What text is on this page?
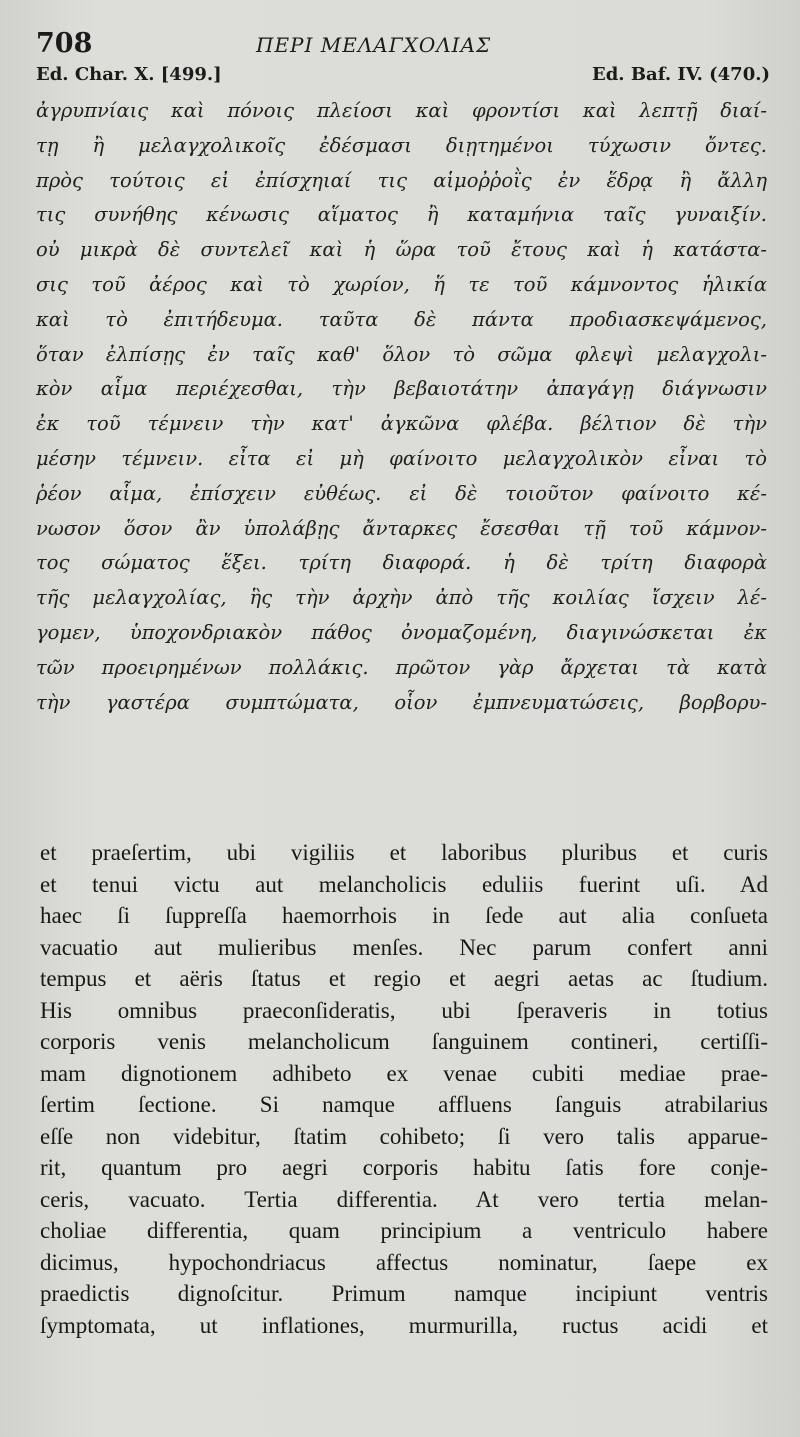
708	ΠΕΡΙ ΜΕΛΑΓΧΟΛΙΑΣ
Ed. Char. X. [499.]	Ed. Baf. IV. (470.)
ἀγρυπνίαις καὶ πόνοις πλείοσι καὶ φροντίσι καὶ λεπτῇ διαί-
τῃ ἢ μελαγχολικοῖς ἐδέσμασι διῃτημένοι τύχωσιν ὄντες.
πρὸς τούτοις εἰ ἐπίσχηιαί τις αἱμοῤῥοῒς ἐν ἕδρᾳ ἢ ἄλλη
τις συνήθης κένωσις αἵματος ἢ καταμήνια ταῖς γυναιξίν.
οὐ μικρὰ δὲ συντελεῖ καὶ ἡ ὥρα τοῦ ἔτους καὶ ἡ κατάστα-
σις τοῦ ἀέρος καὶ τὸ χωρίον, ἥ τε τοῦ κάμνοντος ἡλικία
καὶ τὸ ἐπιτήδευμα. ταῦτα δὲ πάντα προδιασκεψάμενος,
ὅταν ἐλπίσῃς ἐν ταῖς καθ' ὅλον τὸ σῶμα φλεψὶ μελαγχολι-
κὸν αἷμα περιέχεσθαι, τὴν βεβαιοτάτην ἀπαγάγῃ διάγνωσιν
ἐκ τοῦ τέμνειν τὴν κατ' ἀγκῶνα φλέβα. βέλτιον δὲ τὴν
μέσην τέμνειν. εἶτα εἰ μὴ φαίνοιτο μελαγχολικὸν εἶναι τὸ
ῥέον αἷμα, ἐπίσχειν εὐθέως. εἰ δὲ τοιοῦτον φαίνοιτο κέ-
νωσον ὅσον ἂν ὑπολάβῃς ἄνταρκες ἔσεσθαι τῇ τοῦ κάμνον-
τος σώματος ἕξει. τρίτη διαφορά. ἡ δὲ τρίτη διαφορὰ
τῆς μελαγχολίας, ἣς τὴν ἀρχὴν ἀπὸ τῆς κοιλίας ἴσχειν λέ-
γομεν, ὑποχονδριακὸν πάθος ὀνομαζομένη, διαγινώσκεται ἐκ
τῶν προειρημένων πολλάκις. πρῶτον γὰρ ἄρχεται τὰ κατὰ
τὴν γαστέρα συμπτώματα, οἷον ἐμπνευματώσεις, βορβορυ-
et praeſertim, ubi vigiliis et laboribus pluribus et curis
et tenui victu aut melancholicis eduliis fuerint uſi. Ad
haec ſi ſuppreſſa haemorrhois in ſede aut alia conſueta
vacuatio aut mulieribus menſes. Nec parum confert anni
tempus et aëris ſtatus et regio et aegri aetas ac ſtudium.
His omnibus praeconſideratis, ubi ſperaveris in totius
corporis venis melancholicum ſanguinem contineri, certiſſi-
mam dignotionem adhibeto ex venae cubiti mediae prae-
ſertim ſectione. Si namque affluens ſanguis atrabilarius
eſſe non videbitur, ſtatim cohibeto; ſi vero talis apparue-
rit, quantum pro aegri corporis habitu ſatis fore conje-
ceris, vacuato. Tertia differentia. At vero tertia melan-
choliae differentia, quam principium a ventriculo habere
dicimus, hypochondriacus affectus nominatur, ſaepe ex
praedictis dignoſcitur. Primum namque incipiunt ventris
ſymptomata, ut inflationes, murmurilla, ructus acidi et
